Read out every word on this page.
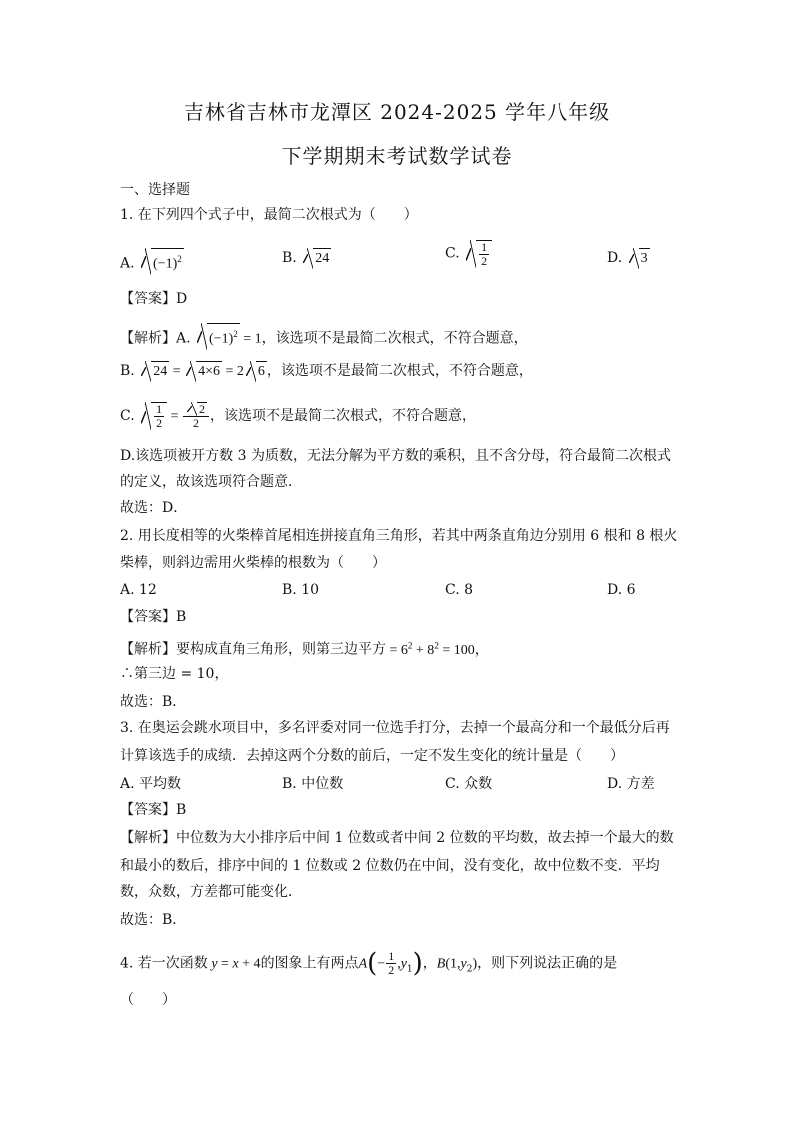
吉林省吉林市龙潭区 2024-2025 学年八年级
下学期期末考试数学试卷
一、选择题
1. 在下列四个式子中，最简二次根式为（　　）
A. $(-1)^2$	B. 24	C. $\frac{1}{2}$	D. 3
【答案】D
【解析】A. $(-1)^2 = 1$，该选项不是最简二次根式，不符合题意，
B. 24 = 4×6 = 2 6 ，该选项不是最简二次根式，不符合题意，
C. $\frac{1}{2} = \frac{2}{2}$ ，该选项不是最简二次根式，不符合题意，
D.该选项被开方数 3 为质数，无法分解为平方数的乘积，且不含分母，符合最简二次根式
的定义，故该选项符合题意．
故选：D．
2. 用长度相等的火柴棒首尾相连拼接直角三角形，若其中两条直角边分别用 6 根和 8 根火
柴棒，则斜边需用火柴棒的根数为（　　）
A. 12	B. 10	C. 8	D. 6
【答案】B
【解析】要构成直角三角形，则第三边平方 = $6^2 + 8^2 = 100$，
∴第三边 = 10，
故选：B．
3. 在奥运会跳水项目中，多名评委对同一位选手打分，去掉一个最高分和一个最低分后再
计算该选手的成绩．去掉这两个分数的前后，一定不发生变化的统计量是（　　）
A. 平均数	B. 中位数	C. 众数	D. 方差
【答案】B
【解析】中位数为大小排序后中间 1 位数或者中间 2 位数的平均数，故去掉一个最大的数
和最小的数后，排序中间的 1 位数或 2 位数仍在中间，没有变化，故中位数不变．平均
数，众数，方差都可能变化．
故选：B．
4. 若一次函数 y = x + 4的图象上有两点$A(- \frac{1}{2} ,y_1)$，$B(1,y_2)$，则下列说法正确的是
（　　）
